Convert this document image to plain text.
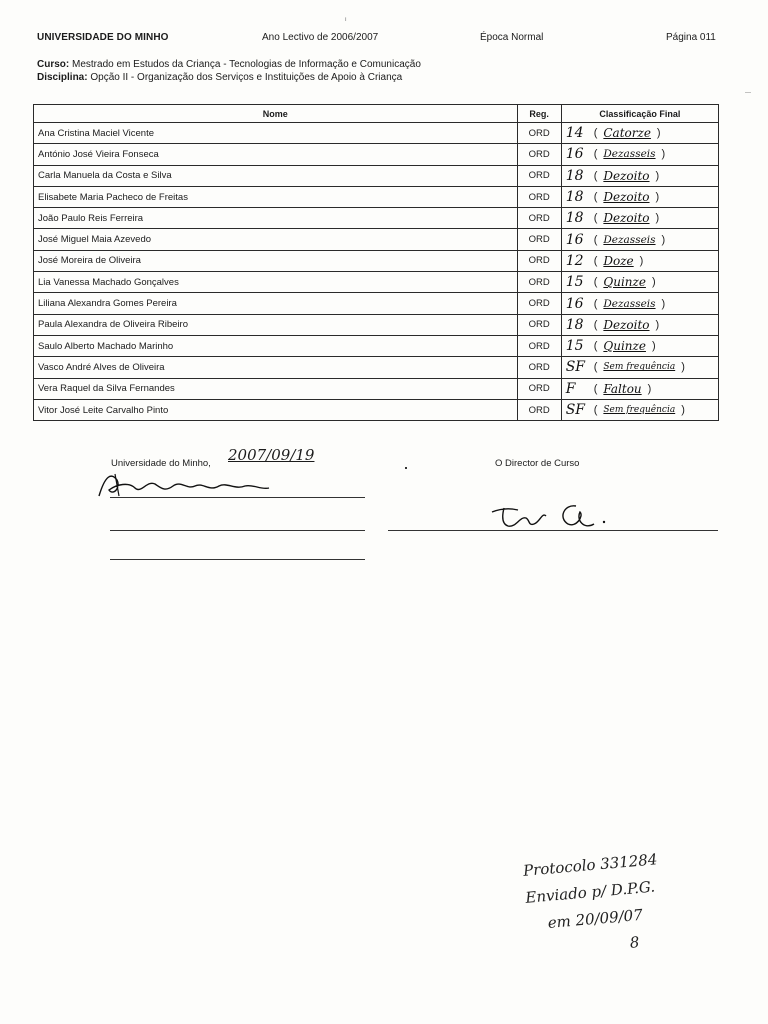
╵
—
UNIVERSIDADE DO MINHO	Ano Lectivo de 2006/2007	Época Normal	Página 011
Curso: Mestrado em Estudos da Criança - Tecnologias de Informação e Comunicação
Disciplina: Opção II - Organização dos Serviços e Instituições de Apoio à Criança
Nome	Reg.	Classificação Final
Ana Cristina Maciel Vicente	ORD	14 ( Catorze )

António José Vieira Fonseca	ORD	16 ( Dezasseis )

Carla Manuela da Costa e Silva	ORD	18 ( Dezoito )

Elisabete Maria Pacheco de Freitas	ORD	18 ( Dezoito )

João Paulo Reis Ferreira	ORD	18 ( Dezoito )

José Miguel Maia Azevedo	ORD	16 ( Dezasseis )

José Moreira de Oliveira	ORD	12 ( Doze )

Lia Vanessa Machado Gonçalves	ORD	15 ( Quinze )

Liliana Alexandra Gomes Pereira	ORD	16 ( Dezasseis )

Paula Alexandra de Oliveira Ribeiro	ORD	18 ( Dezoito )

Saulo Alberto Machado Marinho	ORD	15 ( Quinze )

Vasco André Alves de Oliveira	ORD	SF ( Sem frequência )

Vera Raquel da Silva Fernandes	ORD	F ( Faltou )

Vitor José Leite Carvalho Pinto	ORD	SF ( Sem frequência )
Universidade do Minho, 2007/09/19	O Director de Curso
Protocolo 331284
Enviado p/ D.P.G.
em 20/09/07
8
